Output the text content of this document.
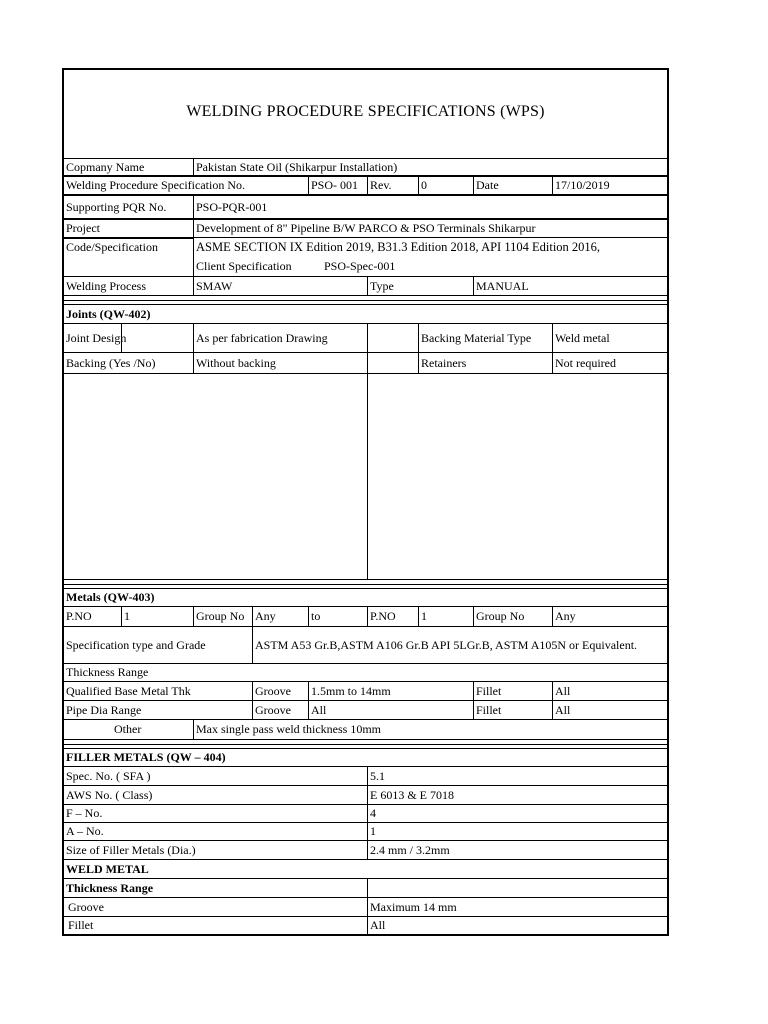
WELDING PROCEDURE SPECIFICATIONS (WPS)
Copmany Name	Pakistan State Oil (Shikarpur Installation)
Welding Procedure Specification No.	PSO- 001 Rev.	0	Date	17/10/2019
Supporting PQR No.	PSO-PQR-001
Project	Development of 8" Pipeline B/W PARCO & PSO Terminals Shikarpur
Code/Specification	ASME SECTION IX Edition 2019, B31.3 Edition 2018, API 1104 Edition 2016,
Client Specification	PSO-Spec-001
Welding Process	SMAW	Type	MANUAL
Joints (QW-402)
Joint Design	As per fabrication Drawing	Backing Material Type	Weld metal
Backing (Yes /No)	Without backing	Retainers	Not required
Metals (QW-403)
P.NO	1	Group No Any	to	P.NO	1	Group No	Any
Specification type and Grade	ASTM A53 Gr.B,ASTM A106 Gr.B API 5LGr.B, ASTM A105N or Equivalent.
Thickness Range
Qualified Base Metal Thk	Groove	1.5mm to 14mm	Fillet	All
Pipe Dia Range	Groove	All	Fillet	All
Other	Max single pass weld thickness 10mm
FILLER METALS (QW – 404)
Spec. No. ( SFA )	5.1
AWS No. ( Class)	E 6013 & E 7018
F – No.	4
A – No.	1
Size of Filler Metals (Dia.)	2.4 mm / 3.2mm
WELD METAL
Thickness Range
Groove	Maximum 14 mm
Fillet	All
